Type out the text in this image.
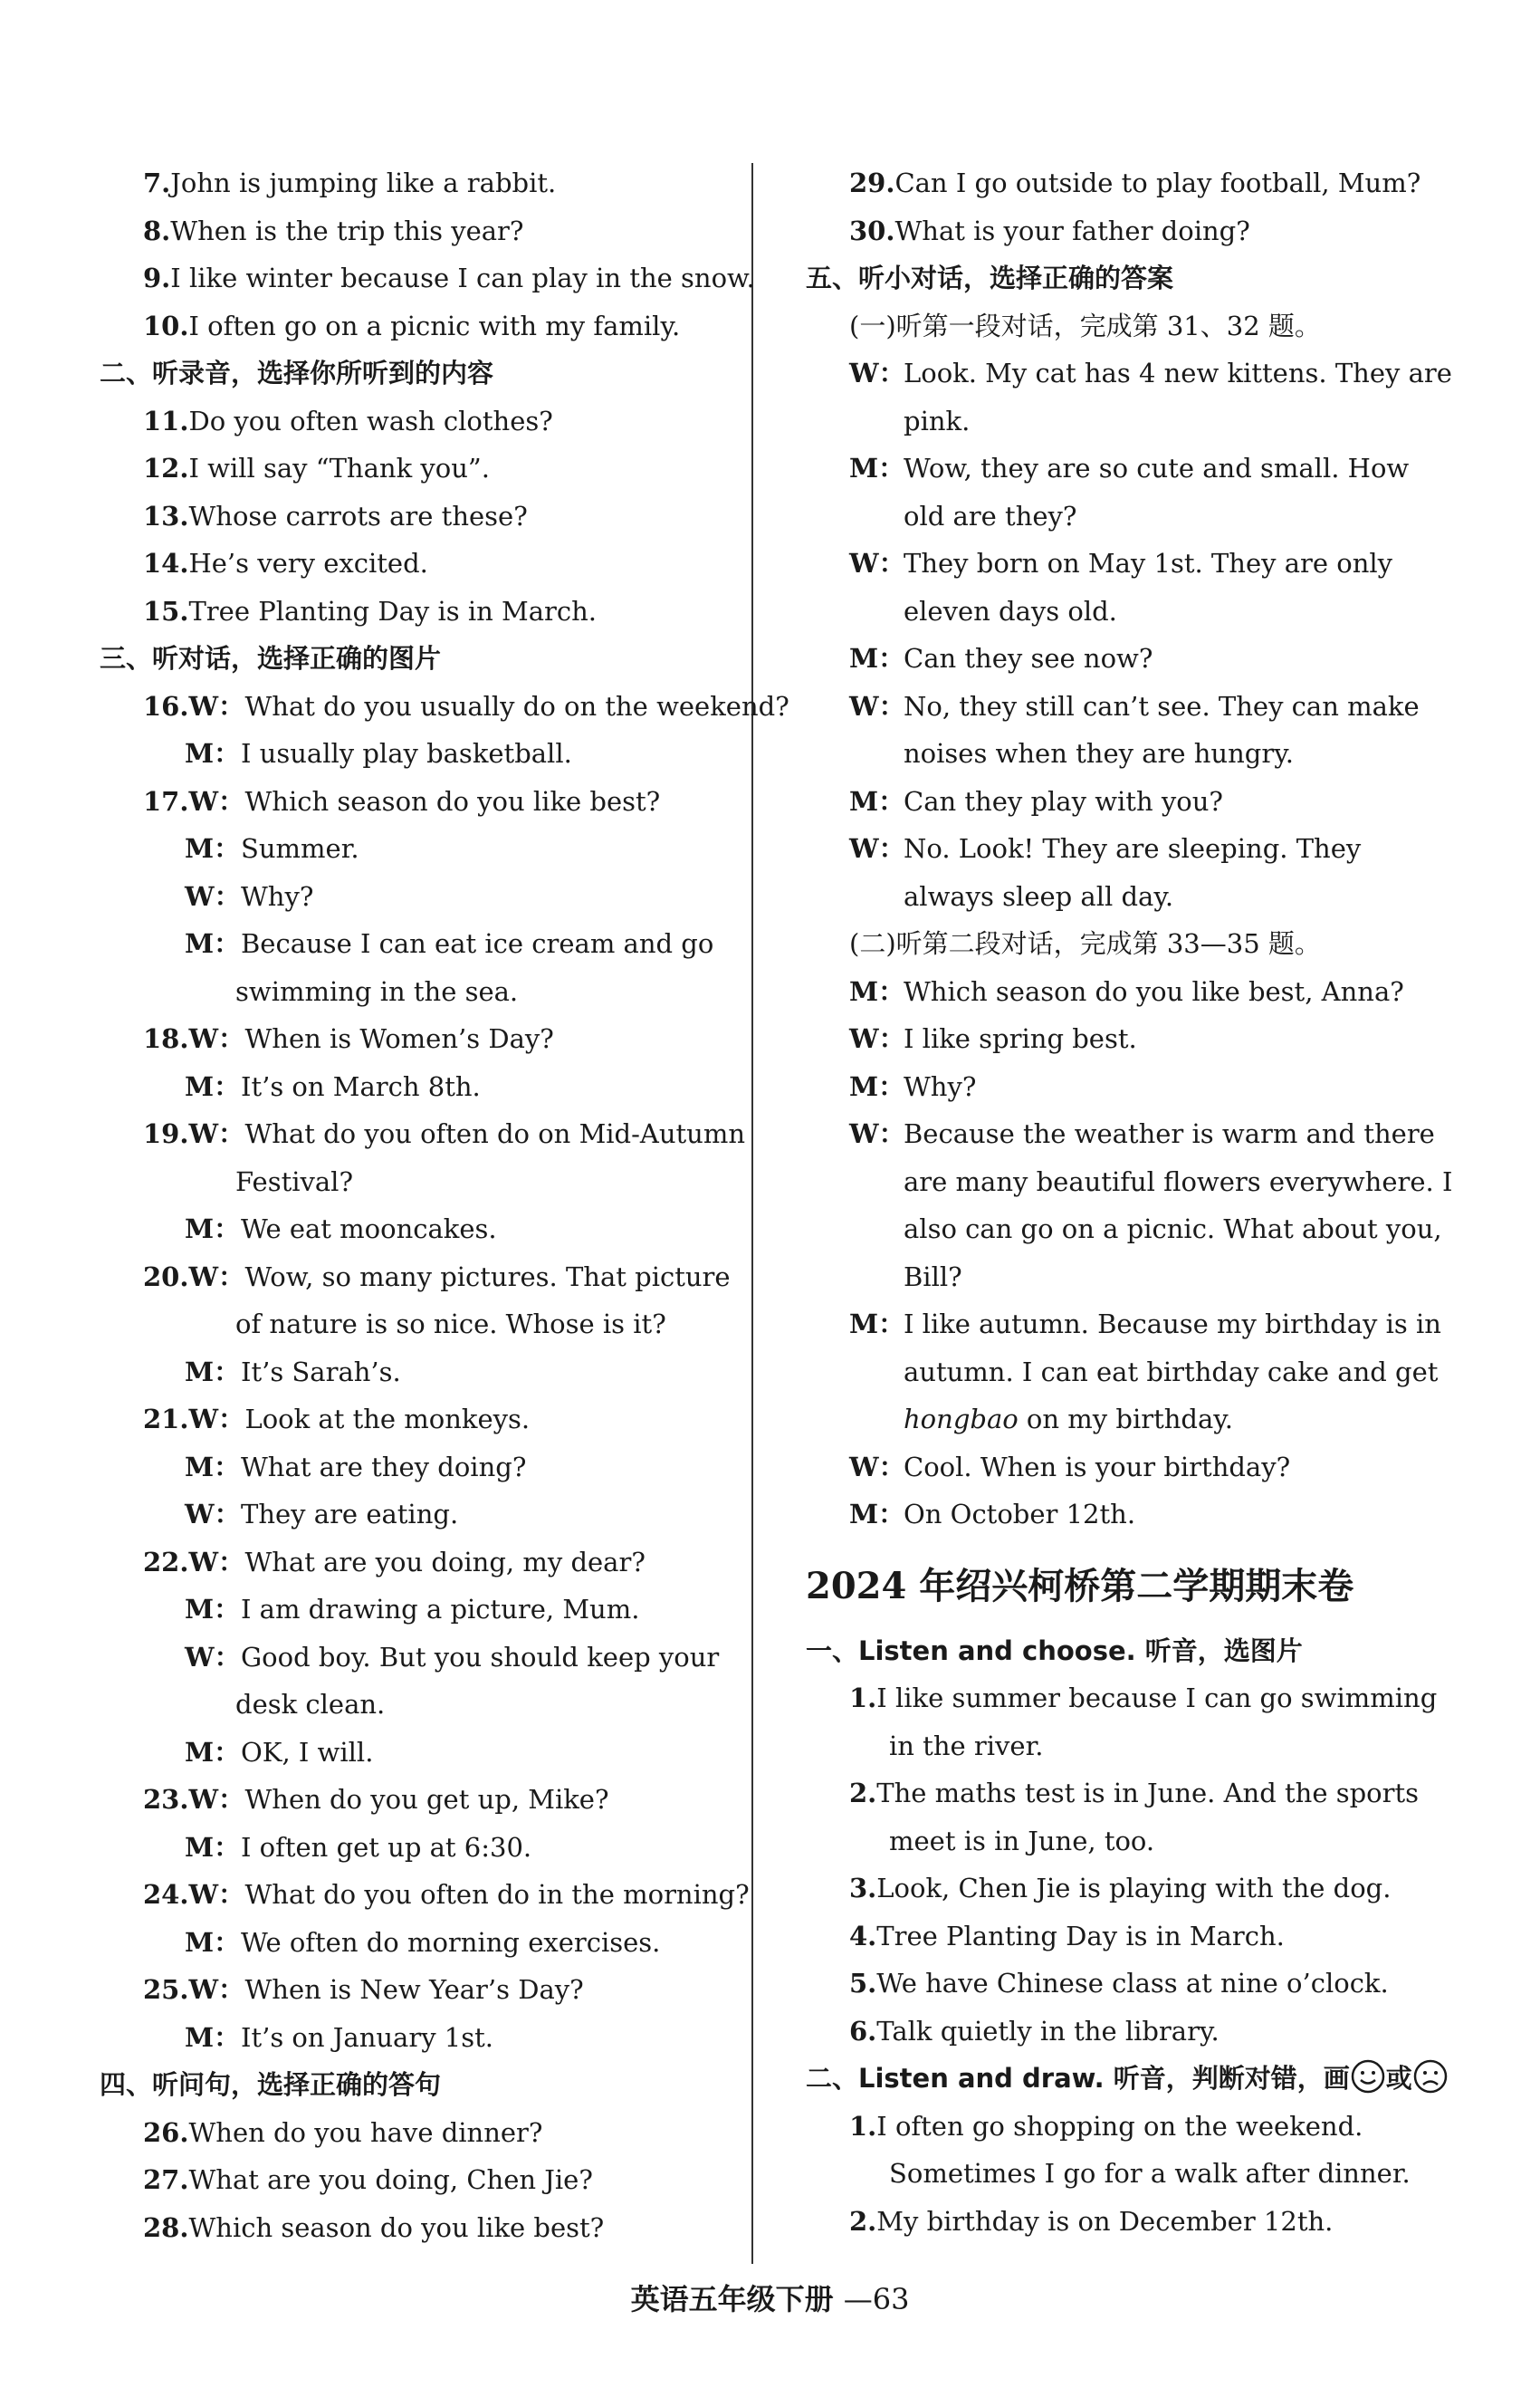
7.John is jumping like a rabbit.
8.When is the trip this year?
9.I like winter because I can play in the snow.
10.I often go on a picnic with my family.
二、听录音，选择你所听到的内容
11.Do you often wash clothes?
12.I will say “Thank you”.
13.Whose carrots are these?
14.He’s very excited.
15.Tree Planting Day is in March.
三、听对话，选择正确的图片
16.W：What do you usually do on the weekend?
M：I usually play basketball.
17.W：Which season do you like best?
M：Summer.
W：Why?
M：Because I can eat ice cream and go
swimming in the sea.
18.W：When is Women’s Day?
M：It’s on March 8th.
19.W：What do you often do on Mid-Autumn
Festival?
M：We eat mooncakes.
20.W：Wow, so many pictures. That picture
of nature is so nice. Whose is it?
M：It’s Sarah’s.
21.W：Look at the monkeys.
M：What are they doing?
W：They are eating.
22.W：What are you doing, my dear?
M：I am drawing a picture, Mum.
W：Good boy. But you should keep your
desk clean.
M：OK, I will.
23.W：When do you get up, Mike?
M：I often get up at 6:30.
24.W：What do you often do in the morning?
M：We often do morning exercises.
25.W：When is New Year’s Day?
M：It’s on January 1st.
四、听问句，选择正确的答句
26.When do you have dinner?
27.What are you doing, Chen Jie?
28.Which season do you like best?
29.Can I go outside to play football, Mum?
30.What is your father doing?
五、听小对话，选择正确的答案
(一)听第一段对话，完成第 31、32 题。
W：Look. My cat has 4 new kittens. They are
pink.
M：Wow, they are so cute and small. How
old are they?
W：They born on May 1st. They are only
eleven days old.
M：Can they see now?
W：No, they still can’t see. They can make
noises when they are hungry.
M：Can they play with you?
W：No. Look! They are sleeping. They
always sleep all day.
(二)听第二段对话，完成第 33—35 题。
M：Which season do you like best, Anna?
W：I like spring best.
M：Why?
W：Because the weather is warm and there
are many beautiful flowers everywhere. I
also can go on a picnic. What about you,
Bill?
M：I like autumn. Because my birthday is in
autumn. I can eat birthday cake and get
hongbao on my birthday.
W：Cool. When is your birthday?
M：On October 12th.
2024 年绍兴柯桥第二学期期末卷
一、Listen and choose. 听音，选图片
1.I like summer because I can go swimming
in the river.
2.The maths test is in June. And the sports
meet is in June, too.
3.Look, Chen Jie is playing with the dog.
4.Tree Planting Day is in March.
5.We have Chinese class at nine o’clock.
6.Talk quietly in the library.
二、Listen and draw. 听音，判断对错，画 或
1.I often go shopping on the weekend.
Sometimes I go for a walk after dinner.
2.My birthday is on December 12th.
英语五年级下册 —63
